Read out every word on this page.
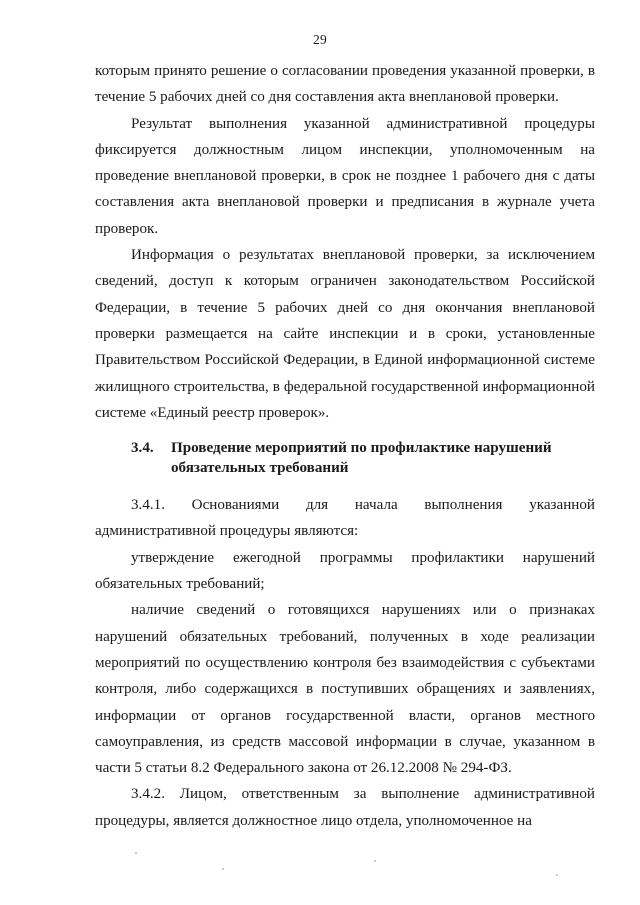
29

которым принято решение о согласовании проведения указанной проверки, в течение 5 рабочих дней со дня составления акта внеплановой проверки.

Результат выполнения указанной административной процедуры фиксируется должностным лицом инспекции, уполномоченным на проведение внеплановой проверки, в срок не позднее 1 рабочего дня с даты составления акта внеплановой проверки и предписания в журнале учета проверок.

Информация о результатах внеплановой проверки, за исключением сведений, доступ к которым ограничен законодательством Российской Федерации, в течение 5 рабочих дней со дня окончания внеплановой проверки размещается на сайте инспекции и в сроки, установленные Правительством Российской Федерации, в Единой информационной системе жилищного строительства, в федеральной государственной информационной системе «Единый реестр проверок».

3.4. Проведение мероприятий по профилактике нарушений обязательных требований

3.4.1. Основаниями для начала выполнения указанной административной процедуры являются:

утверждение ежегодной программы профилактики нарушений обязательных требований;

наличие сведений о готовящихся нарушениях или о признаках нарушений обязательных требований, полученных в ходе реализации мероприятий по осуществлению контроля без взаимодействия с субъектами контроля, либо содержащихся в поступивших обращениях и заявлениях, информации от органов государственной власти, органов местного самоуправления, из средств массовой информации в случае, указанном в части 5 статьи 8.2 Федерального закона от 26.12.2008 № 294-ФЗ.

3.4.2. Лицом, ответственным за выполнение административной процедуры, является должностное лицо отдела, уполномоченное на
